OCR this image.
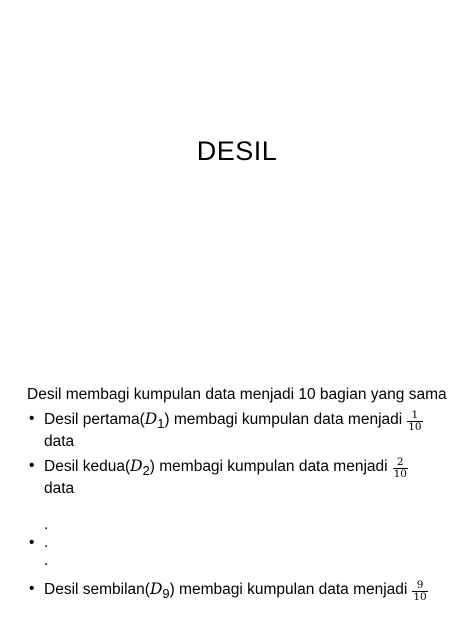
DESIL

Desil membagi kumpulan data menjadi 10 bagian yang sama

• Desil $pertama(D_1)$ membagi kumpulan data menjadi $\frac{1}{10}$
data
• Desil $kedua(D_2)$ membagi kumpulan data menjadi $\frac{2}{10}$
data
•
.
.
.
• Desil $sembilan(D_9)$ membagi kumpulan data menjadi $\frac{9}{10}$
